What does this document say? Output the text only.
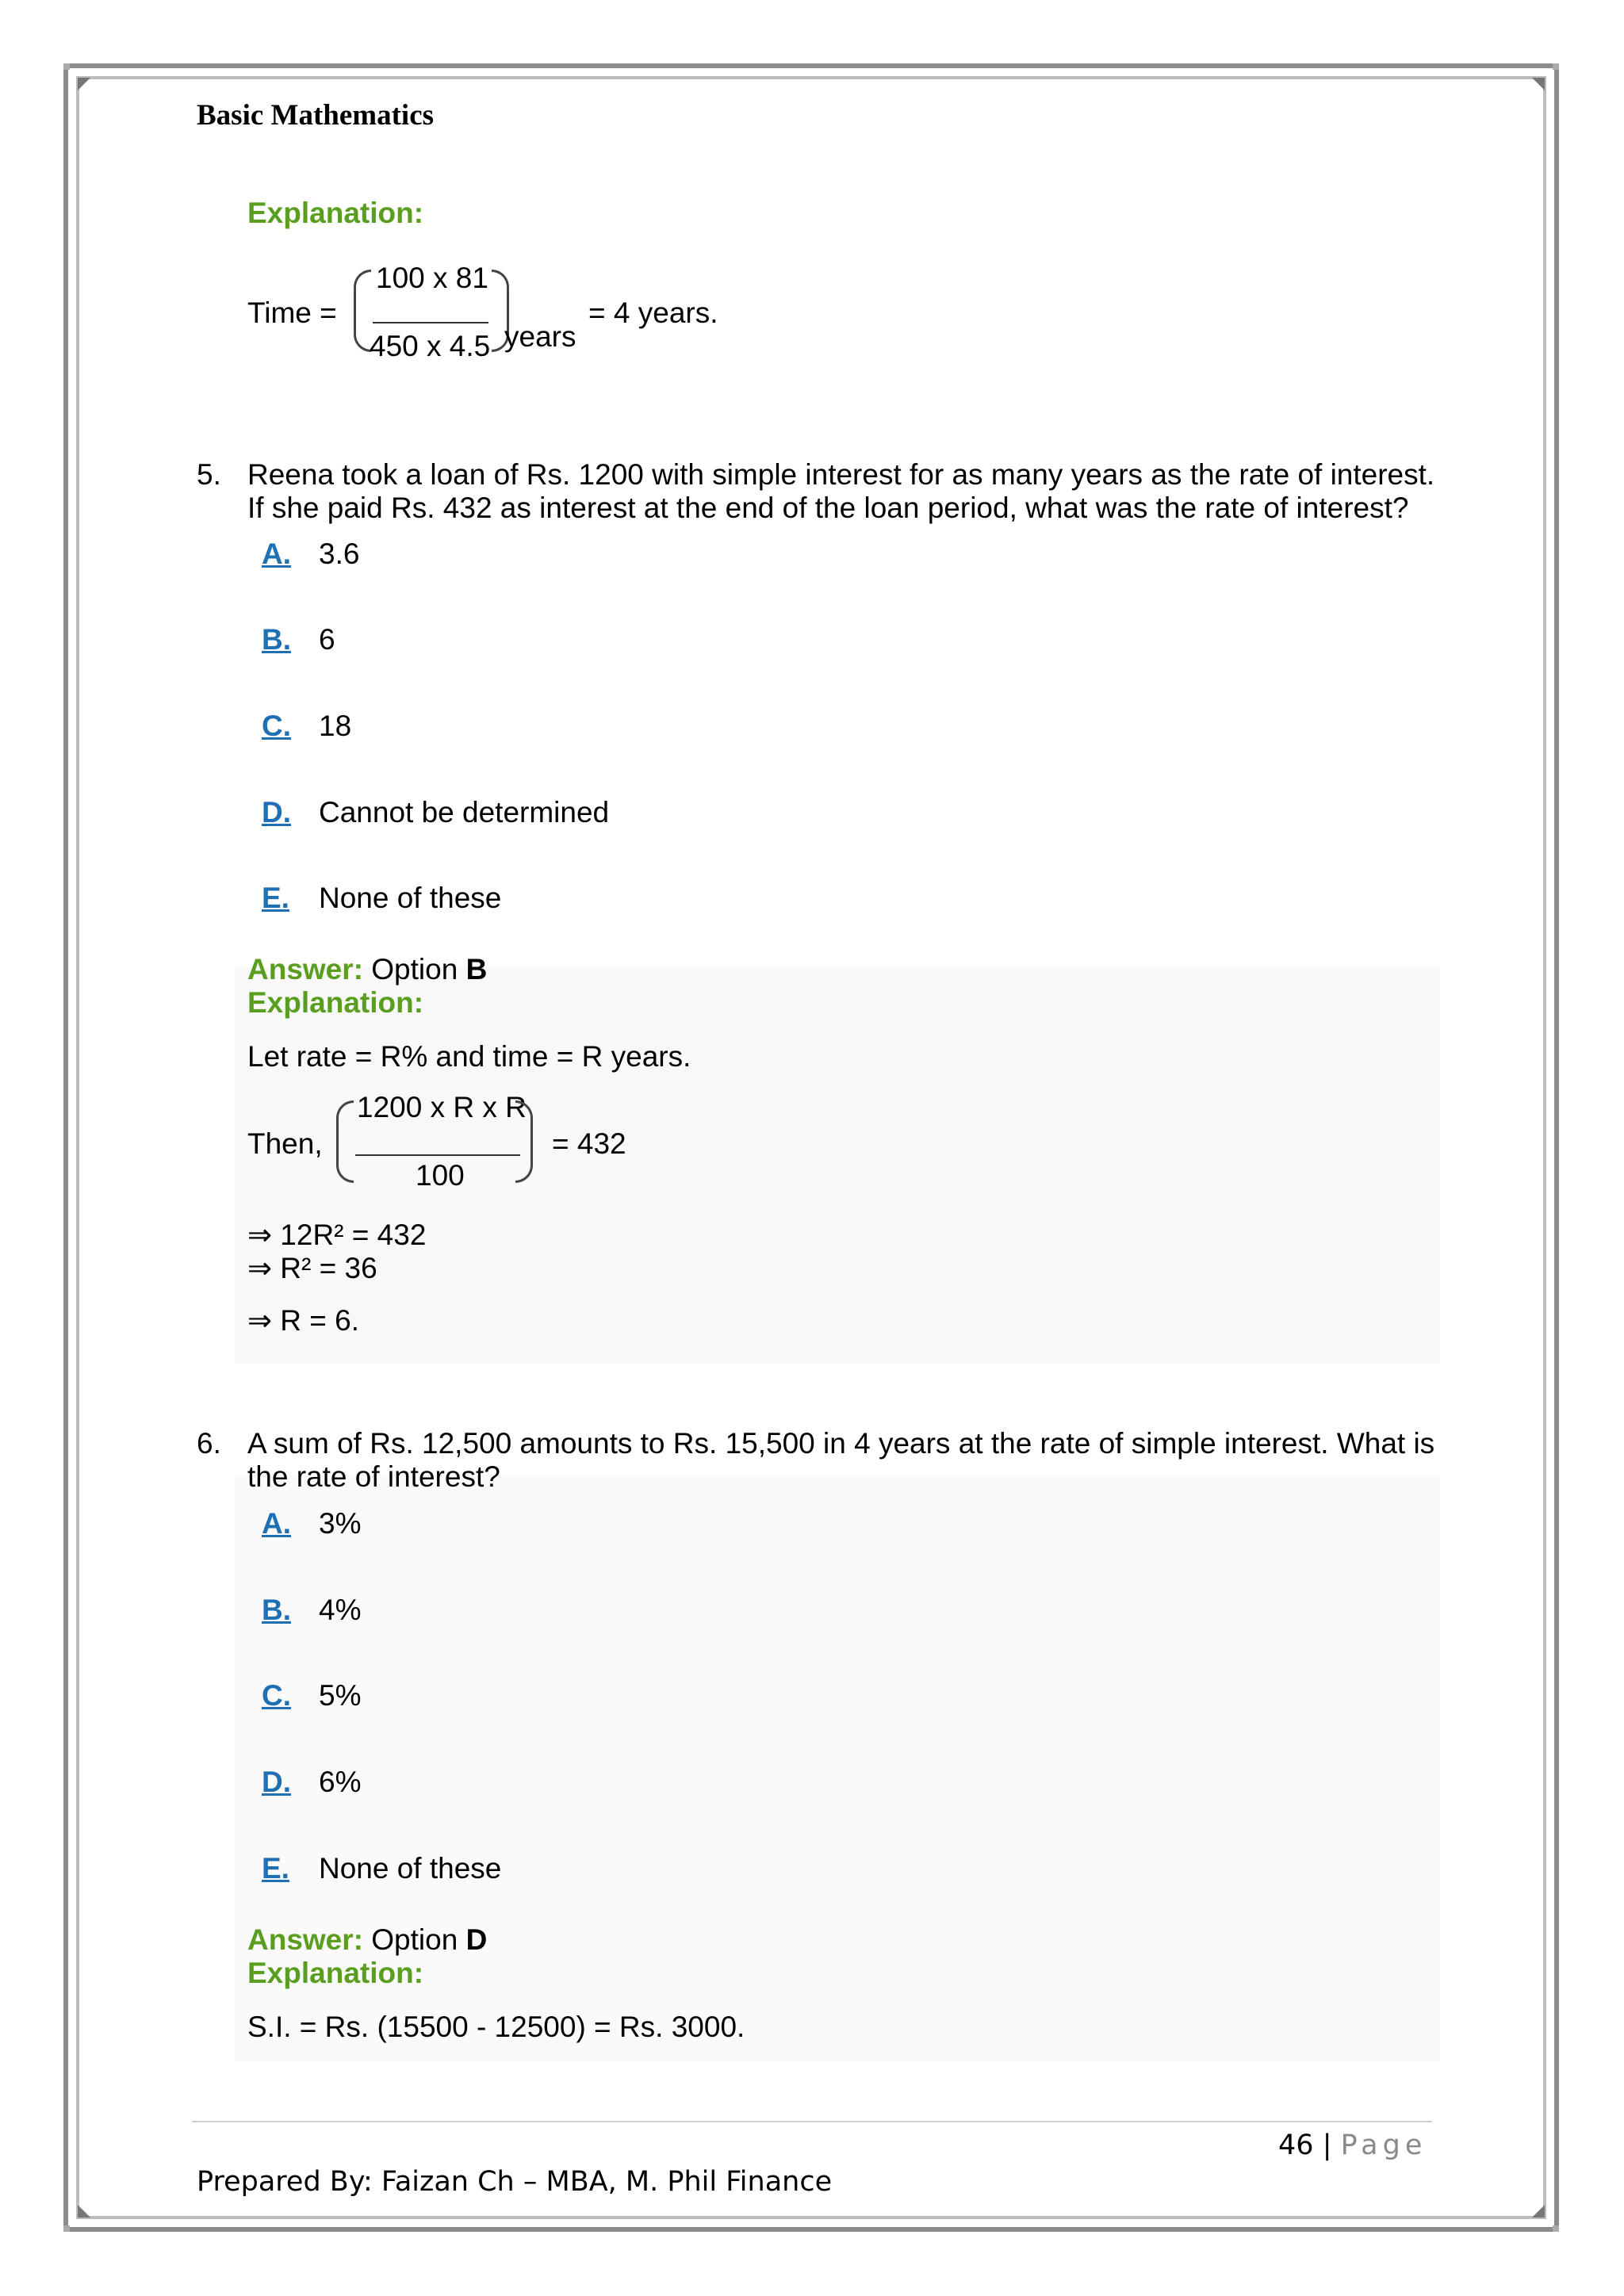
Basic Mathematics
Explanation:
Time =
100 x 81
450 x 4.5 years
= 4 years.
5. Reena took a loan of Rs. 1200 with simple interest for as many years as the rate of interest.
If she paid Rs. 432 as interest at the end of the loan period, what was the rate of interest?
A. 3.6
B. 6
C. 18
D. Cannot be determined
E. None of these
Answer: Option B
Explanation:
Let rate = R% and time = R years.
Then,
1200 x R x R
100
= 432
⇒ 12R² = 432
⇒ R² = 36
⇒ R = 6.
6. A sum of Rs. 12,500 amounts to Rs. 15,500 in 4 years at the rate of simple interest. What is
the rate of interest?
A. 3%
B. 4%
C. 5%
D. 6%
E. None of these
Answer: Option D
Explanation:
S.I. = Rs. (15500 - 12500) = Rs. 3000.
46 | Page
Prepared By: Faizan Ch – MBA, M. Phil Finance
